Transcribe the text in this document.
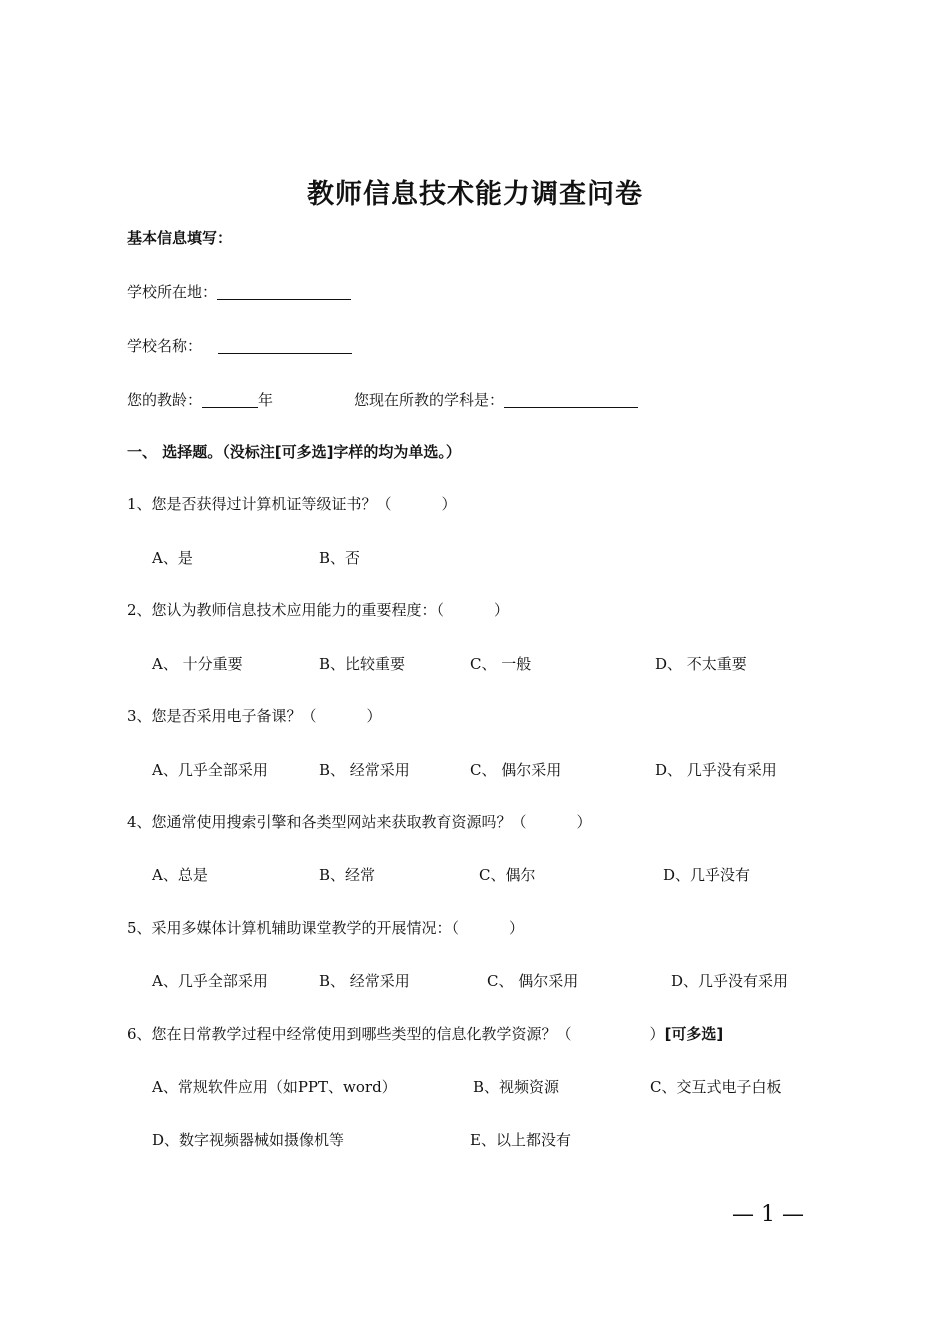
教师信息技术能力调查问卷
基本信息填写：
学校所在地：
学校名称：
您的教龄：	年	您现在所教的学科是：
一、 选择题。（没标注[可多选]字样的均为单选。）
1、您是否获得过计算机证等级证书？（	）
A、是	B、否
2、您认为教师信息技术应用能力的重要程度：（	）
A、 十分重要	B、比较重要	C、 一般	D、 不太重要
3、您是否采用电子备课？（	）
A、几乎全部采用	B、 经常采用	C、 偶尔采用	D、 几乎没有采用
4、您通常使用搜索引擎和各类型网站来获取教育资源吗？（	）
A、总是	B、经常	C、偶尔	D、几乎没有
5、采用多媒体计算机辅助课堂教学的开展情况：（	）
A、几乎全部采用	B、 经常采用	C、 偶尔采用	D、几乎没有采用
6、您在日常教学过程中经常使用到哪些类型的信息化教学资源？（	）[可多选]
A、常规软件应用（如PPT、word）	B、视频资源	C、交互式电子白板
D、数字视频器械如摄像机等	E、以上都没有
— 1 —
